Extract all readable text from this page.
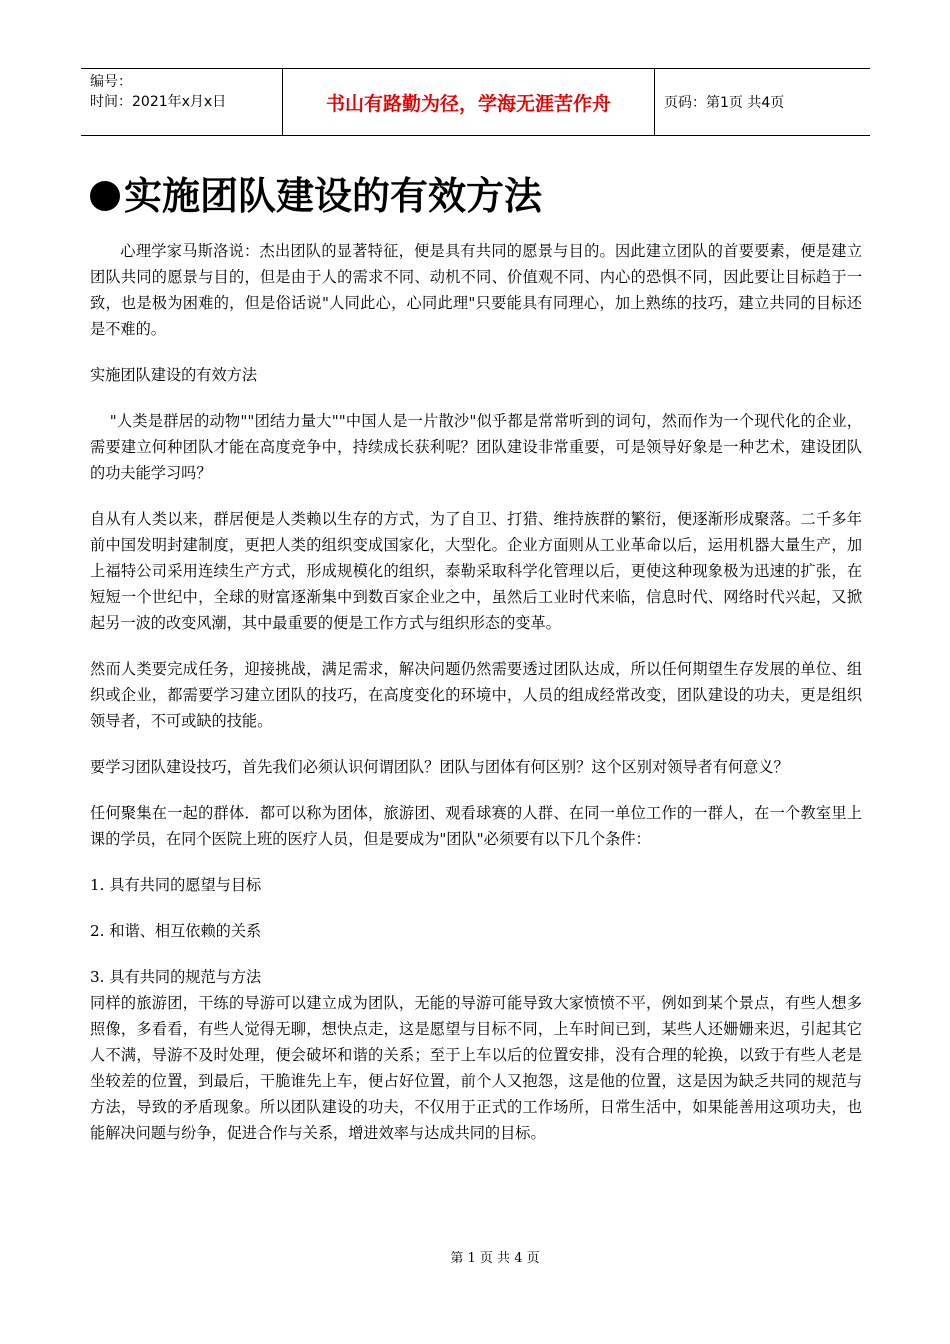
编号：
时间：2021年x月x日	书山有路勤为径，学海无涯苦作舟	页码：第1页 共4页
实施团队建设的有效方法

心理学家马斯洛说：杰出团队的显著特征，便是具有共同的愿景与目的。因此建立团队的首要要素，便是建立团队共同的愿景与目的，但是由于人的需求不同、动机不同、价值观不同、内心的恐惧不同，因此要让目标趋于一致，也是极为困难的，但是俗话说"人同此心，心同此理"只要能具有同理心，加上熟练的技巧，建立共同的目标还是不难的。

实施团队建设的有效方法

"人类是群居的动物""团结力量大""中国人是一片散沙"似乎都是常常听到的词句，然而作为一个现代化的企业，需要建立何种团队才能在高度竞争中，持续成长获利呢？团队建设非常重要，可是领导好象是一种艺术，建设团队的功夫能学习吗？

自从有人类以来，群居便是人类赖以生存的方式，为了自卫、打猎、维持族群的繁衍，便逐渐形成聚落。二千多年前中国发明封建制度，更把人类的组织变成国家化，大型化。企业方面则从工业革命以后，运用机器大量生产，加上福特公司采用连续生产方式，形成规模化的组织，泰勒采取科学化管理以后，更使这种现象极为迅速的扩张，在短短一个世纪中，全球的财富逐渐集中到数百家企业之中，虽然后工业时代来临，信息时代、网络时代兴起，又掀起另一波的改变风潮，其中最重要的便是工作方式与组织形态的变革。

然而人类要完成任务，迎接挑战，满足需求，解决问题仍然需要透过团队达成，所以任何期望生存发展的单位、组织或企业，都需要学习建立团队的技巧，在高度变化的环境中，人员的组成经常改变，团队建设的功夫，更是组织领导者，不可或缺的技能。

要学习团队建设技巧，首先我们必须认识何谓团队？团队与团体有何区别？这个区别对领导者有何意义？

任何聚集在一起的群体．都可以称为团体，旅游团、观看球赛的人群、在同一单位工作的一群人，在一个教室里上课的学员，在同个医院上班的医疗人员，但是要成为"团队"必须要有以下几个条件：

1. 具有共同的愿望与目标

2. 和谐、相互依赖的关系

3. 具有共同的规范与方法

同样的旅游团，干练的导游可以建立成为团队，无能的导游可能导致大家愤愤不平，例如到某个景点，有些人想多照像，多看看，有些人觉得无聊，想快点走，这是愿望与目标不同，上车时间已到，某些人还姗姗来迟，引起其它人不满，导游不及时处理，便会破坏和谐的关系；至于上车以后的位置安排，没有合理的轮换，以致于有些人老是坐较差的位置，到最后，干脆谁先上车，便占好位置，前个人又抱怨，这是他的位置，这是因为缺乏共同的规范与方法，导致的矛盾现象。所以团队建设的功夫，不仅用于正式的工作场所，日常生活中，如果能善用这项功夫，也能解决问题与纷争，促进合作与关系，增进效率与达成共同的目标。

第 1 页 共 4 页
